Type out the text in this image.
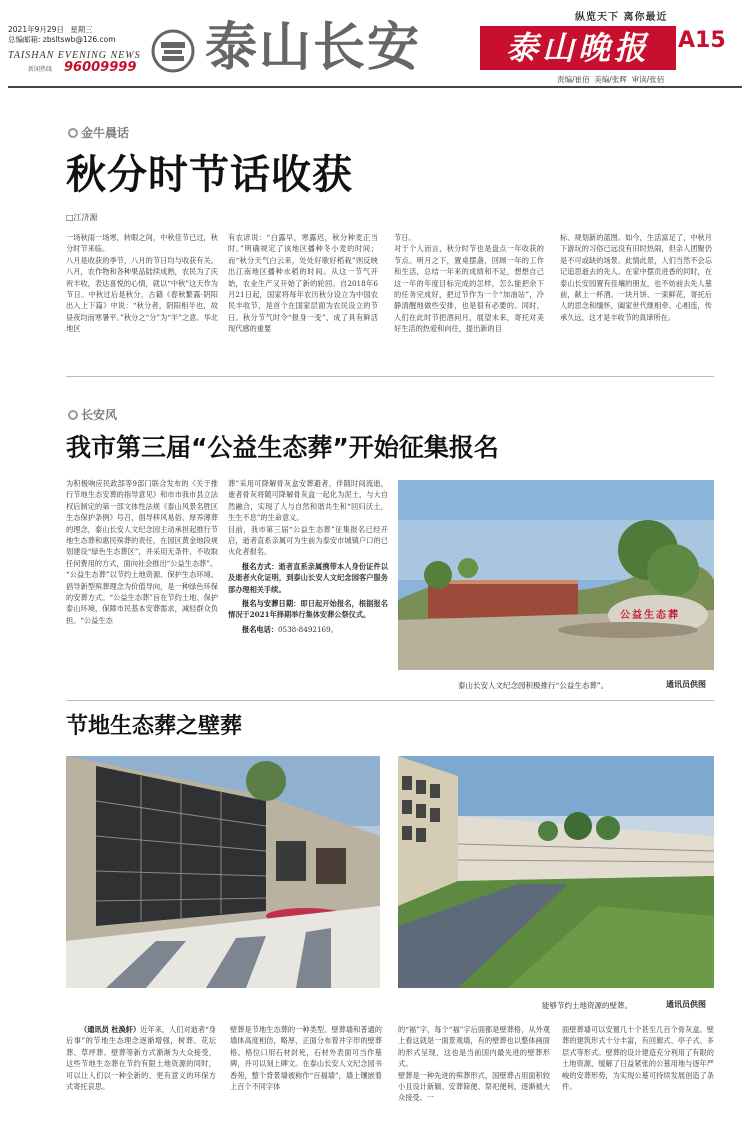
2021年9月29日 星期三
总编邮箱: zbsltswb@126.com
TAISHAN EVENING NEWS
新闻热线 96009999 泰山长安	泰山晚报	A15
纵览天下 离你最近
责编/崔佰  美编/张辉  审读/张佰
金牛晨话
秋分时节话收获
□江济源
一场秋雨一场寒，转眼之间，中秋佳节已过，秋分时节来临。
八月是收获的季节，八月的节日均与收获有关。八月，农作物和各种果品陆续成熟，农民为了庆祝丰收，表达喜悦的心情，就以“中秋”这天作为节日。中秋过后是秋分，古籍《春秋繁露·阴阳出入上下篇》中说：“秋分者，阴阳相半也，故昼夜均而寒暑平。”秋分之“分”为“半”之意。华北地区
有农谚说：“白露早，寒露迟，秋分种麦正当时。”明确规定了该地区播种冬小麦的时间；而“秋分天气白云来，处处好歌好稻栽”则反映出江南地区播种水稻的时间。从这一节气开始，农业生产又开始了新的轮回。自2018年6月21日起，国家将每年农历秋分设立为中国农民丰收节，是首个在国家层面为农民设立的节日。秋分节气时令“报身一变”，成了具有鲜活现代感的重要
节日。
对于个人而言，秋分时节也是盘点一年收获的节点。明月之下，置桌摆盏，回顾一年的工作和生活，总结一年来的成绩和不足，想想自己这一年的年度目标完成的怎样，怎么能把余下的任务完成好，把过节作为一个“加油站”，冷静清醒地做些安排，也是很有必要的。同时，人们在此时节把酒问月，展望未来，寄托对美好生活的热爱和向往，提出新的目
标、规划新的蓝图。如今，生活富足了，中秋月下游玩的习俗已远没有旧时热闹，但亲人团聚仍是不可或缺的场景。此情此景，人们当然不会忘记追思逝去的先人。在家中摆贡进香的同时，在泰山长安园置有佳壤的朋友，也不妨前去先人墓前，献上一杯酒、一块月饼、一束鲜花，寄托后人的思念和缅怀，阖家世代继相牵、心相连，传承久远，这才是丰收节的真谛所在。
长安风
我市第三届“公益生态葬”开始征集报名
为积极响应民政部等9部门联合发布的《关于推行节地生态安葬的指导意见》和市市我市县立法权后制定的第一部文体性法规《泰山风景名胜区生态保护条例》号召，倡导移风易俗、厚养薄葬的理念，泰山长安人文纪念园主动承担起推行节地生态葬和惠民殡葬的责任，在园区黄金地段规划建设“绿色生态葬区”，并采用无条件、不收取任何费用的方式，面向社会推出“公益生态葬”。
“公益生态葬”以节约土地资源、保护生态环境、倡导新型殡葬理念为价值导向，是一种绿色环保的安葬方式。“公益生态葬”旨在节约土地、保护泰山环境，保障市民基本安葬需求，减轻群众负担。“公益生态
葬”采用可降解骨灰盒安葬避者，伴随时间流逝，逝者骨灰将随可降解骨灰盒一起化为泥土，与大自然融合，实现了人与自然和谐共生和“回归沃土，生生不息”的生命意义。
目前，我市第三届“公益生态葬”征集报名已经开启，逝者直系亲属可为生前为泰安市城镇户口的已火化者报名。
报名方式：逝者直系亲属携带本人身份证件以及逝者火化证明，到泰山长安人文纪念园客户服务部办理相关手续。
报名与安葬日期：即日起开始报名，根据报名情况于2021年择期举行集体安葬公祭仪式。
报名电话：0538-8492169。
公益生态葬
泰山长安人文纪念园积极推行“公益生态葬”。	通讯员供图
节地生态葬之壁葬
能够节约土地资源的壁葬。	通讯员供图
（通讯员 杜涣轩）近年来，人们对逝者“身后事”的节地生态理念逐渐增强，树葬、花坛葬、草坪葬、壁葬等新方式渐渐为大众接受，这些节地生态葬在节约有限土地资源的同时，可以让人们以一种全新的、更有意义的环保方式寄托哀思。
壁葬是节地生态葬的一种类型。壁葬墙和普通的墙体高度相仿，略厚，正面分布着井字形的壁葬格。格位口用石材封死，石材外表面可当作墓碑，并可以刻上碑文。在泰山长安人文纪念园书香苑，整个背景墙被称作“百福墙”，墙上镶嵌着上百个不同字体
的“福”字，每个“福”字后面都是壁葬格，从外观上看这就是一面景观墙，有的壁葬也以整体画面的形式呈现，这也是当前国内最先进的壁葬形式。
壁葬是一种先进的殡葬形式，国壁葬占用面积较小且设计新颖、安葬简便、祭祀便利，逐渐被大众接受。一
面壁葬墙可以安置几十个甚至几百个骨灰盒。壁葬的建筑形式十分丰富，有回廊式、亭子式、多层式等形式。壁葬的设计建造充分利用了有限的土地资源，缓解了日益紧张的公墓用地与逐年严峻的安葬形势，为实现公墓可持续发展创造了条件。
